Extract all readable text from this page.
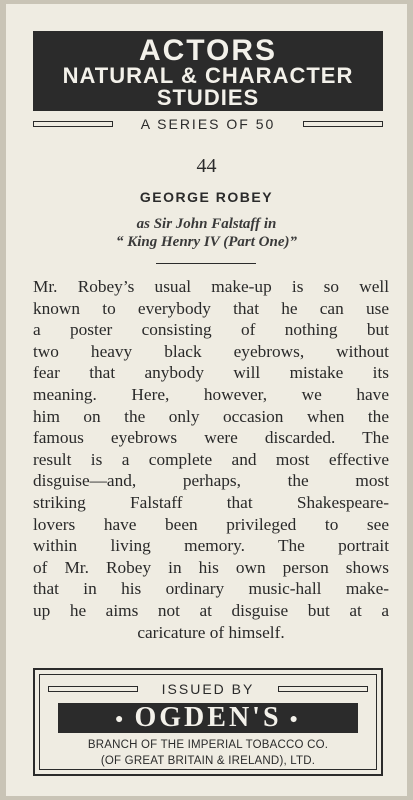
ACTORS
NATURAL & CHARACTER
STUDIES
A SERIES OF 50
44
GEORGE ROBEY
as Sir John Falstaff in
“ King Henry IV (Part One)”
Mr. Robey’s usual make-up is so well
known to everybody that he can use
a poster consisting of nothing but
two heavy black eyebrows, without
fear that anybody will mistake its
meaning. Here, however, we have
him on the only occasion when the
famous eyebrows were discarded. The
result is a complete and most effective
disguise—and, perhaps, the most
striking Falstaff that Shakespeare-
lovers have been privileged to see
within living memory. The portrait
of Mr. Robey in his own person shows
that in his ordinary music-hall make-
up he aims not at disguise but at a
caricature of himself.
ISSUED BY
● OGDEN'S ●
BRANCH OF THE IMPERIAL TOBACCO CO.
(OF GREAT BRITAIN & IRELAND), LTD.
